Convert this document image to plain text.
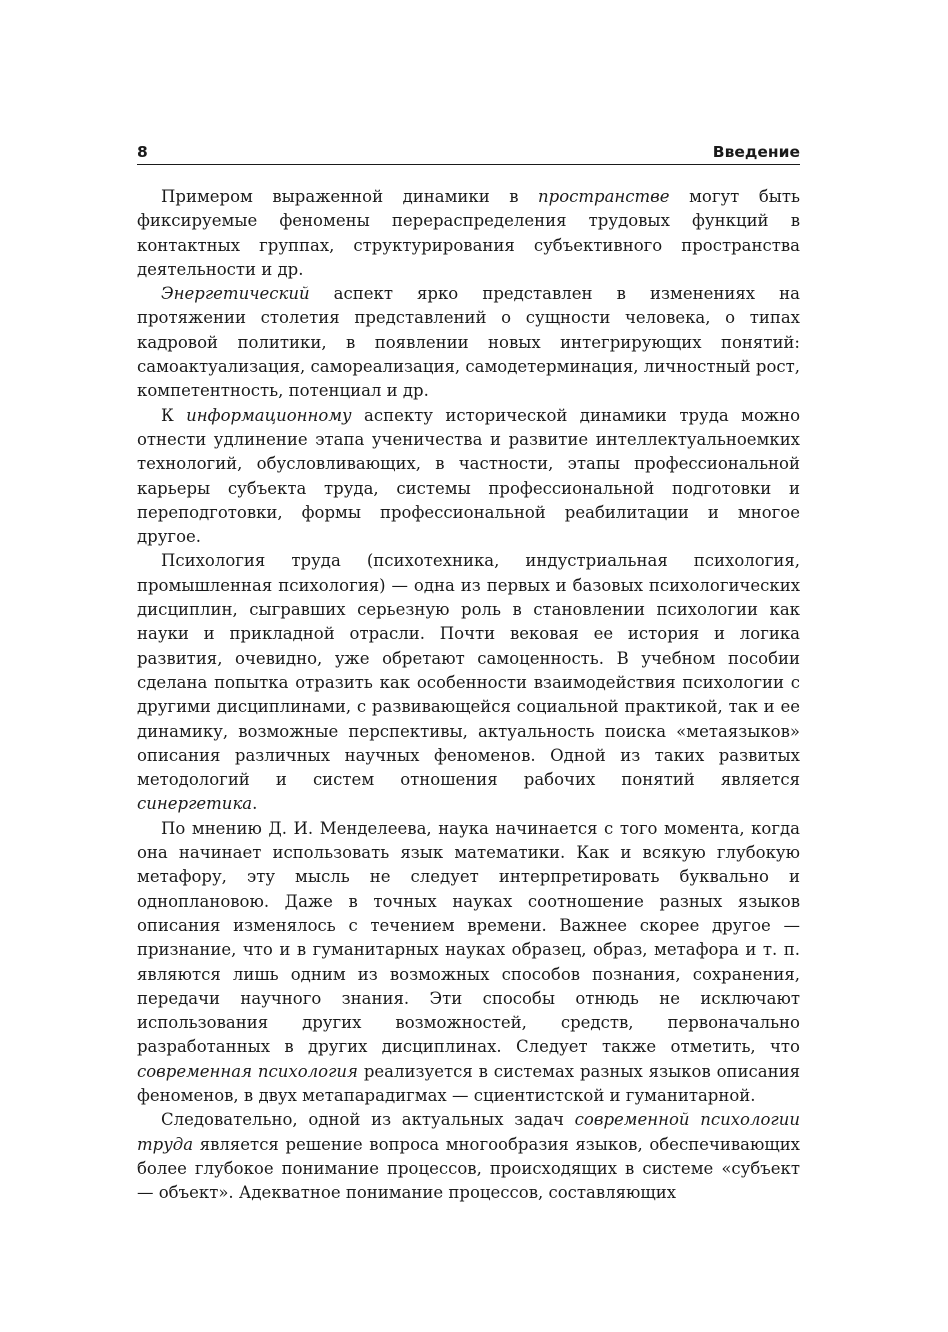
8	Введение

Примером выраженной динамики в пространстве могут быть фиксируемые феномены перераспределения трудовых функций в контактных группах, структурирования субъективного пространства деятельности и др.

Энергетический аспект ярко представлен в изменениях на протяжении столетия представлений о сущности человека, о типах кадровой политики, в появлении новых интегрирующих понятий: самоактуализация, самореализация, самодетерминация, личностный рост, компетентность, потенциал и др.

К информационному аспекту исторической динамики труда можно отнести удлинение этапа ученичества и развитие интеллектуальноемких технологий, обусловливающих, в частности, этапы профессиональной карьеры субъекта труда, системы профессиональной подготовки и переподготовки, формы профессиональной реабилитации и многое другое.

Психология труда (психотехника, индустриальная психология, промышленная психология) — одна из первых и базовых психологических дисциплин, сыгравших серьезную роль в становлении психологии как науки и прикладной отрасли. Почти вековая ее история и логика развития, очевидно, уже обретают самоценность. В учебном пособии сделана попытка отразить как особенности взаимодействия психологии с другими дисциплинами, с развивающейся социальной практикой, так и ее динамику, возможные перспективы, актуальность поиска «метаязыков» описания различных научных феноменов. Одной из таких развитых методологий и систем отношения рабочих понятий является синергетика.

По мнению Д. И. Менделеева, наука начинается с того момента, когда она начинает использовать язык математики. Как и всякую глубокую метафору, эту мысль не следует интерпретировать буквально и одноплановою. Даже в точных науках соотношение разных языков описания изменялось с течением времени. Важнее скорее другое — признание, что и в гуманитарных науках образец, образ, метафора и т. п. являются лишь одним из возможных способов познания, сохранения, передачи научного знания. Эти способы отнюдь не исключают использования других возможностей, средств, первоначально разработанных в других дисциплинах. Следует также отметить, что современная психология реализуется в системах разных языков описания феноменов, в двух метапарадигмах — сциентистской и гуманитарной.

Следовательно, одной из актуальных задач современной психологии труда является решение вопроса многообразия языков, обеспечивающих более глубокое понимание процессов, происходящих в системе «субъект — объект». Адекватное понимание процессов, составляющих
